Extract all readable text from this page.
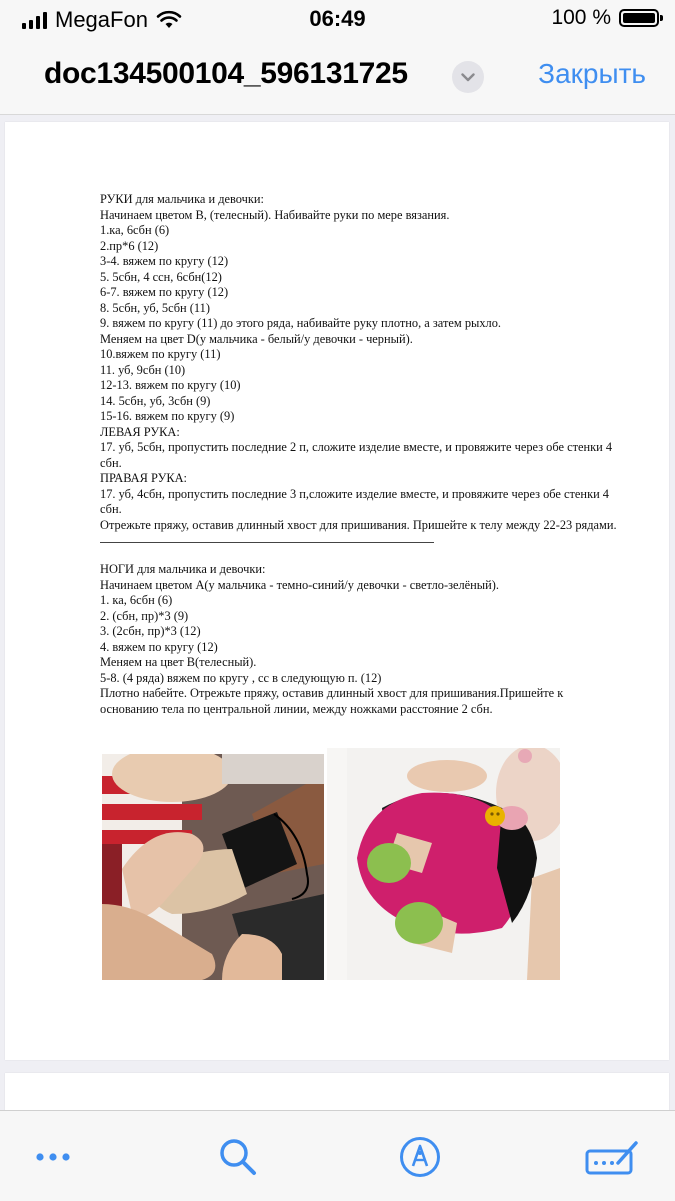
MegaFon	06:49	100 %
doc134500104_596131725	Закрыть

РУКИ для мальчика и девочки:

Начинаем цветом В, (телесный). Набивайте руки по мере вязания.

1.ка, 6сбн (6)

2.пр*6 (12)

3-4. вяжем по кругу (12)

5. 5сбн, 4 ссн, 6сбн(12)

6-7. вяжем по кругу (12)

8. 5сбн, уб, 5сбн (11)

9. вяжем по кругу (11) до этого ряда, набивайте руку плотно, а затем рыхло.

Меняем на цвет D(у мальчика - белый/у девочки - черный).

10.вяжем по кругу (11)

11. уб, 9сбн (10)

12-13. вяжем по кругу (10)

14. 5сбн, уб, 3сбн (9)

15-16. вяжем по кругу (9)

ЛЕВАЯ РУКА:

17. уб, 5сбн, пропустить последние 2 п, сложите изделие вместе, и провяжите через обе стенки 4 сбн.

ПРАВАЯ РУКА:

17. уб, 4сбн, пропустить последние 3 п,сложите изделие вместе, и провяжите через обе стенки 4 сбн.

Отрежьте пряжу, оставив длинный хвост для пришивания. Пришейте к телу между 22-23 рядами.

НОГИ для мальчика и девочки:

Начинаем цветом А(у мальчика - темно-синий/у девочки - светло-зелёный).

1. ка, 6сбн (6)

2. (сбн, пр)*3 (9)

3. (2сбн, пр)*3 (12)

4. вяжем по кругу (12)

Меняем на цвет В(телесный).

5-8. (4 ряда) вяжем по кругу , сс в следующую п. (12)

Плотно набейте. Отрежьте пряжу, оставив длинный хвост для пришивания.Пришейте к основанию тела по центральной линии, между ножками расстояние 2 сбн.
